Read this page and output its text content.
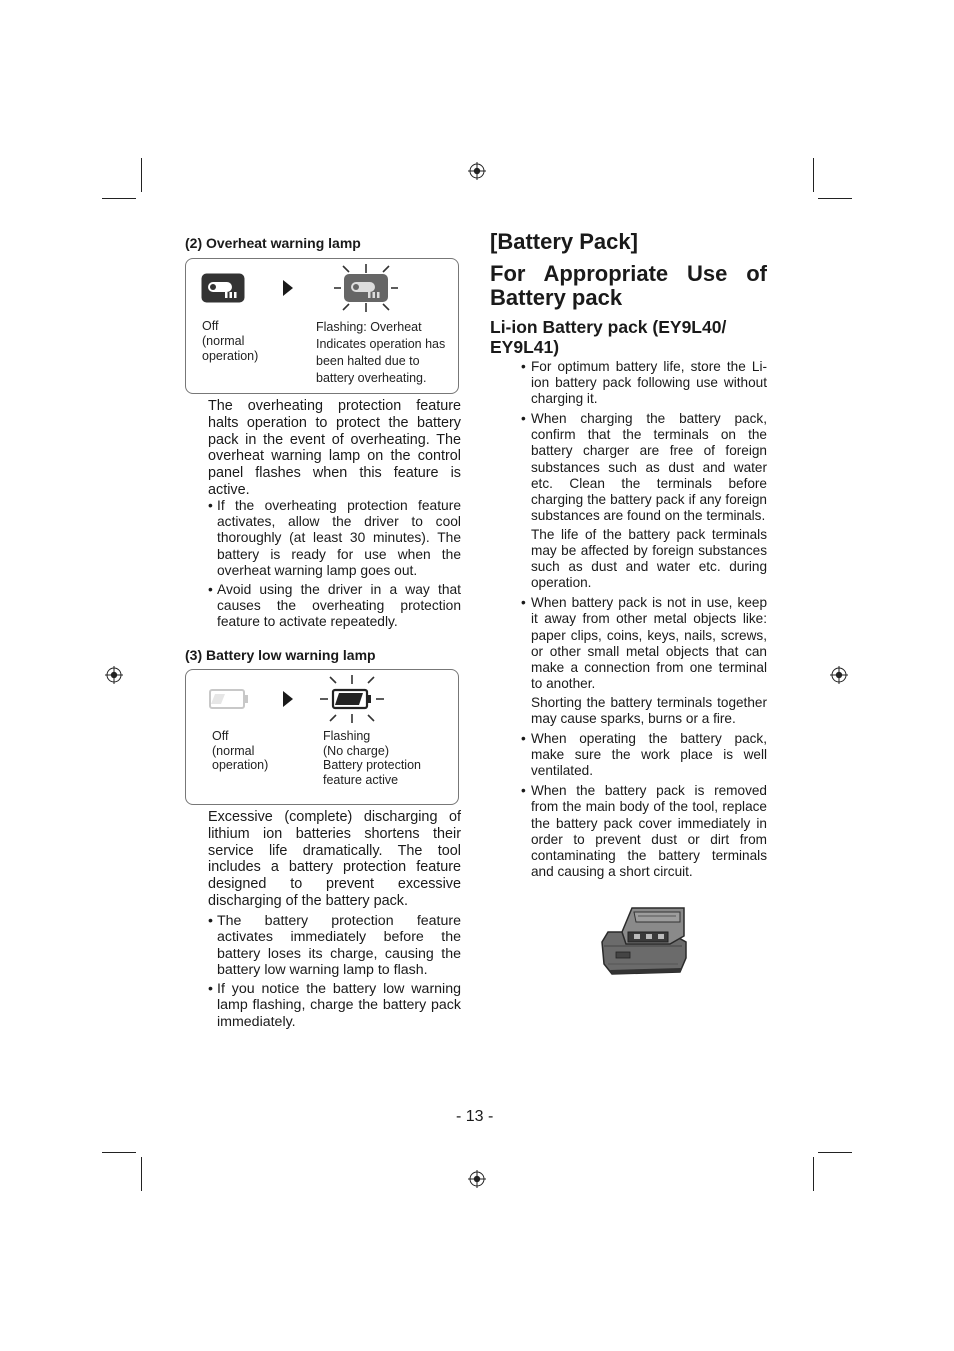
(2) Overheat warning lamp
Off
(normal
operation)
Flashing: Overheat
Indicates operation has
been halted due to
battery overheating.
The overheating protection feature halts operation to protect the battery pack in the event of overheating. The overheat warning lamp on the control panel flashes when this feature is active.
• If the overheating protection feature activates, allow the driver to cool thoroughly (at least 30 minutes). The battery is ready for use when the overheat warning lamp goes out.
• Avoid using the driver in a way that causes the overheating protection feature to activate repeatedly.
(3) Battery low warning lamp
Off
(normal
operation)
Flashing
(No charge)
Battery protection
feature active
Excessive (complete) discharging of lithium ion batteries shortens their service life dramatically. The tool includes a battery protection feature designed to prevent excessive discharging of the battery pack.
• The battery protection feature activates immediately before the battery loses its charge, causing the battery low warning lamp to flash.
• If you notice the battery low warning lamp flashing, charge the battery pack immediately.
[Battery Pack]
For Appropriate Use of
Battery pack
Li-ion Battery pack (EY9L40/
EY9L41)
• For optimum battery life, store the Li-ion battery pack following use without charging it.
• When charging the battery pack, confirm that the terminals on the battery charger are free of foreign substances such as dust and water etc. Clean the terminals before charging the battery pack if any foreign substances are found on the terminals.
The life of the battery pack terminals may be affected by foreign substances such as dust and water etc. during operation.
• When battery pack is not in use, keep it away from other metal objects like: paper clips, coins, keys, nails, screws, or other small metal objects that can make a connection from one terminal to another.
Shorting the battery terminals together may cause sparks, burns or a fire.
• When operating the battery pack, make sure the work place is well ventilated.
• When the battery pack is removed from the main body of the tool, replace the battery pack cover immediately in order to prevent dust or dirt from contaminating the battery terminals and causing a short circuit.
- 13 -
